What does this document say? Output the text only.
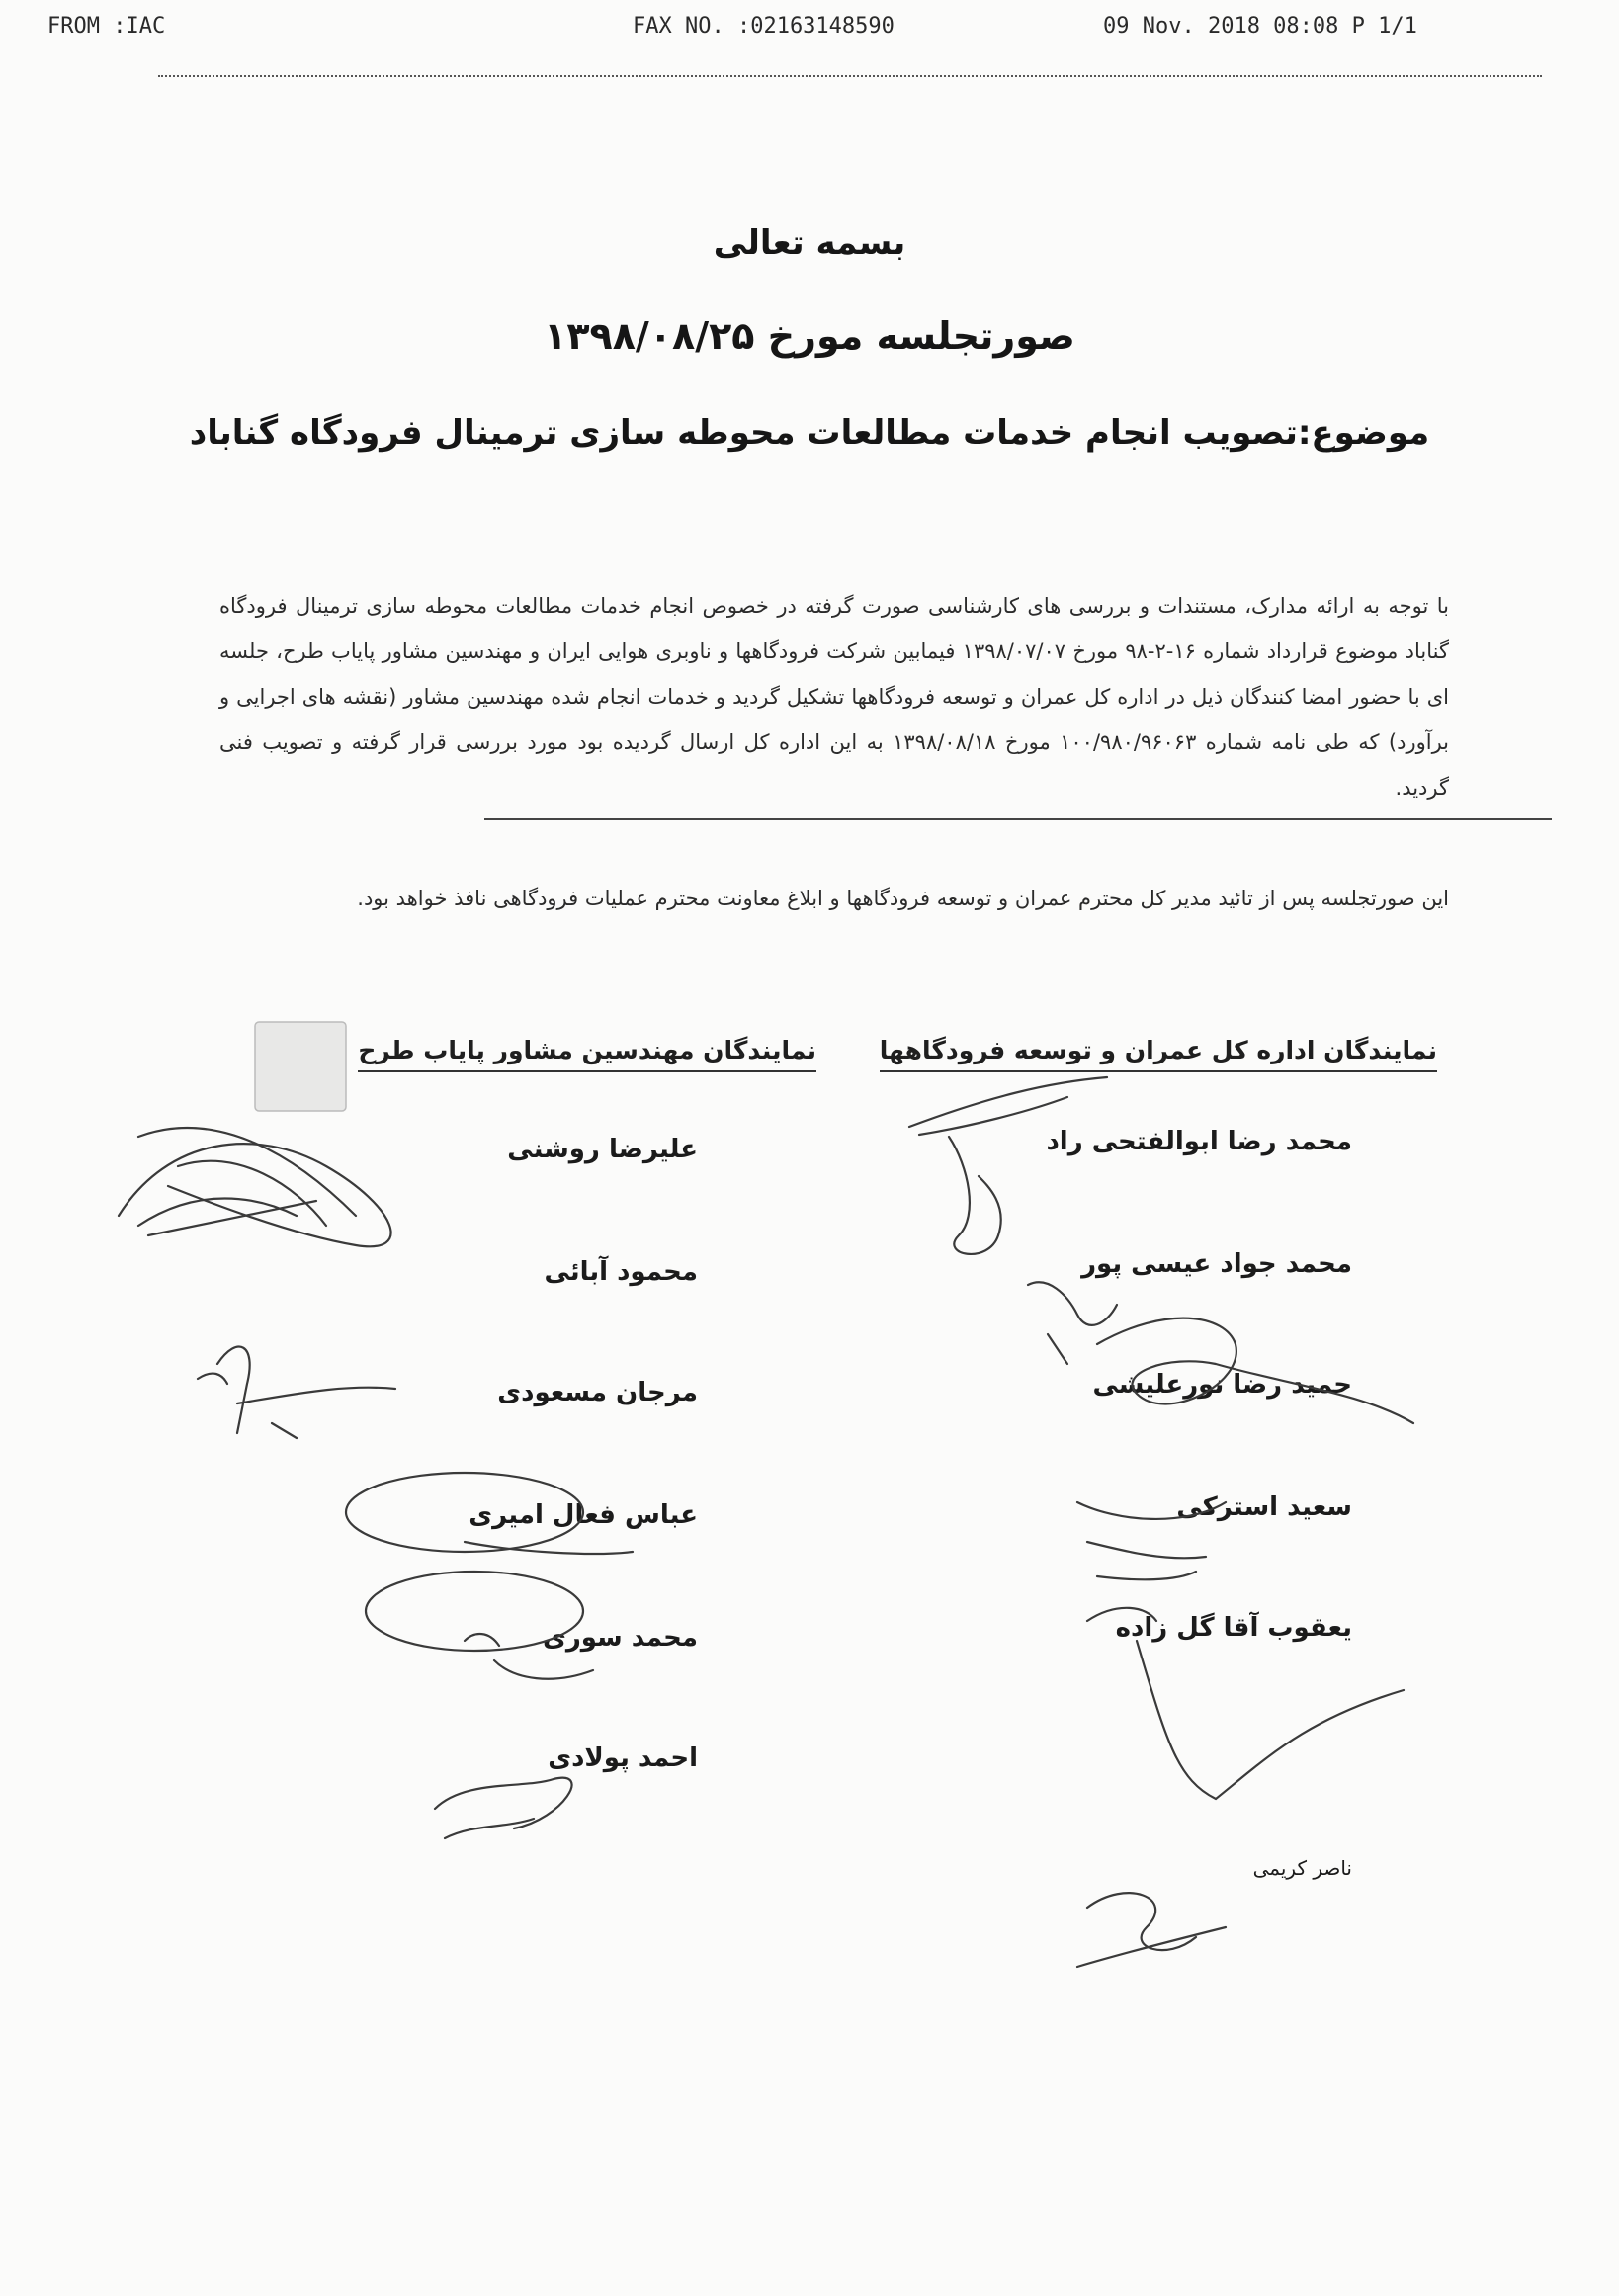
FROM :IAC	FAX NO. :02163148590	09 Nov. 2018 08:08 P 1/1
بسمه تعالی
صورتجلسه مورخ ۱۳۹۸/۰۸/۲۵
موضوع:تصویب انجام خدمات مطالعات محوطه سازی ترمینال فرودگاه گناباد
با توجه به ارائه مدارک، مستندات و بررسی های کارشناسی صورت گرفته در خصوص انجام خدمات مطالعات محوطه سازی ترمینال فرودگاه گناباد موضوع قرارداد شماره ۱۶-۲-۹۸ مورخ ۱۳۹۸/۰۷/۰۷ فیمابین شرکت فرودگاهها و ناوبری هوایی ایران و مهندسین مشاور پایاب طرح، جلسه ای با حضور امضا کنندگان ذیل در اداره کل عمران و توسعه فرودگاهها تشکیل گردید و خدمات انجام شده مهندسین مشاور (نقشه های اجرایی و برآورد) که طی نامه شماره ۱۰۰/۹۸۰/۹۶۰۶۳ مورخ ۱۳۹۸/۰۸/۱۸ به این اداره کل ارسال گردیده بود مورد بررسی قرار گرفته و تصویب فنی گردید.
این صورتجلسه پس از تائید مدیر کل محترم عمران و توسعه فرودگاهها و ابلاغ معاونت محترم عملیات فرودگاهی نافذ خواهد بود.
نمایندگان مهندسین مشاور پایاب طرح	نمایندگان اداره کل عمران و توسعه فرودگاهها
علیرضا روشنی
محمود آبائی
مرجان مسعودی
عباس فعال امیری
محمد سوری
احمد پولادی
محمد رضا ابوالفتحی راد
محمد جواد عیسی پور
حمید رضا نورعلیشی
سعید استرکی
یعقوب آقا گل زاده
ناصر کریمی
